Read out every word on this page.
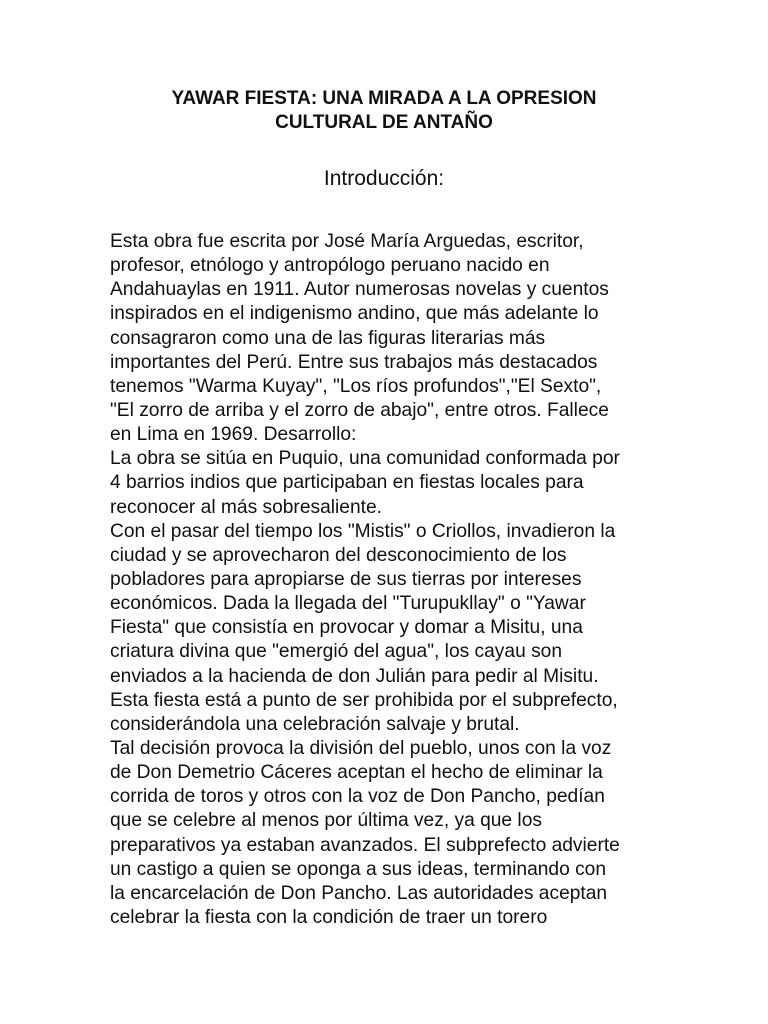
YAWAR FIESTA: UNA MIRADA A LA OPRESION
CULTURAL DE ANTAÑO
Introducción:
Esta obra fue escrita por José María Arguedas, escritor,
profesor, etnólogo y antropólogo peruano nacido en
Andahuaylas en 1911. Autor numerosas novelas y cuentos
inspirados en el indigenismo andino, que más adelante lo
consagraron como una de las figuras literarias más
importantes del Perú. Entre sus trabajos más destacados
tenemos "Warma Kuyay", "Los ríos profundos","El Sexto",
"El zorro de arriba y el zorro de abajo", entre otros. Fallece
en Lima en 1969. Desarrollo:
La obra se sitúa en Puquio, una comunidad conformada por
4 barrios indios que participaban en fiestas locales para
reconocer al más sobresaliente.
Con el pasar del tiempo los "Mistis" o Criollos, invadieron la
ciudad y se aprovecharon del desconocimiento de los
pobladores para apropiarse de sus tierras por intereses
económicos. Dada la llegada del "Turupukllay" o "Yawar
Fiesta" que consistía en provocar y domar a Misitu, una
criatura divina que "emergió del agua", los cayau son
enviados a la hacienda de don Julián para pedir al Misitu.
Esta fiesta está a punto de ser prohibida por el subprefecto,
considerándola una celebración salvaje y brutal.
Tal decisión provoca la división del pueblo, unos con la voz
de Don Demetrio Cáceres aceptan el hecho de eliminar la
corrida de toros y otros con la voz de Don Pancho, pedían
que se celebre al menos por última vez, ya que los
preparativos ya estaban avanzados. El subprefecto advierte
un castigo a quien se oponga a sus ideas, terminando con
la encarcelación de Don Pancho. Las autoridades aceptan
celebrar la fiesta con la condición de traer un torero
